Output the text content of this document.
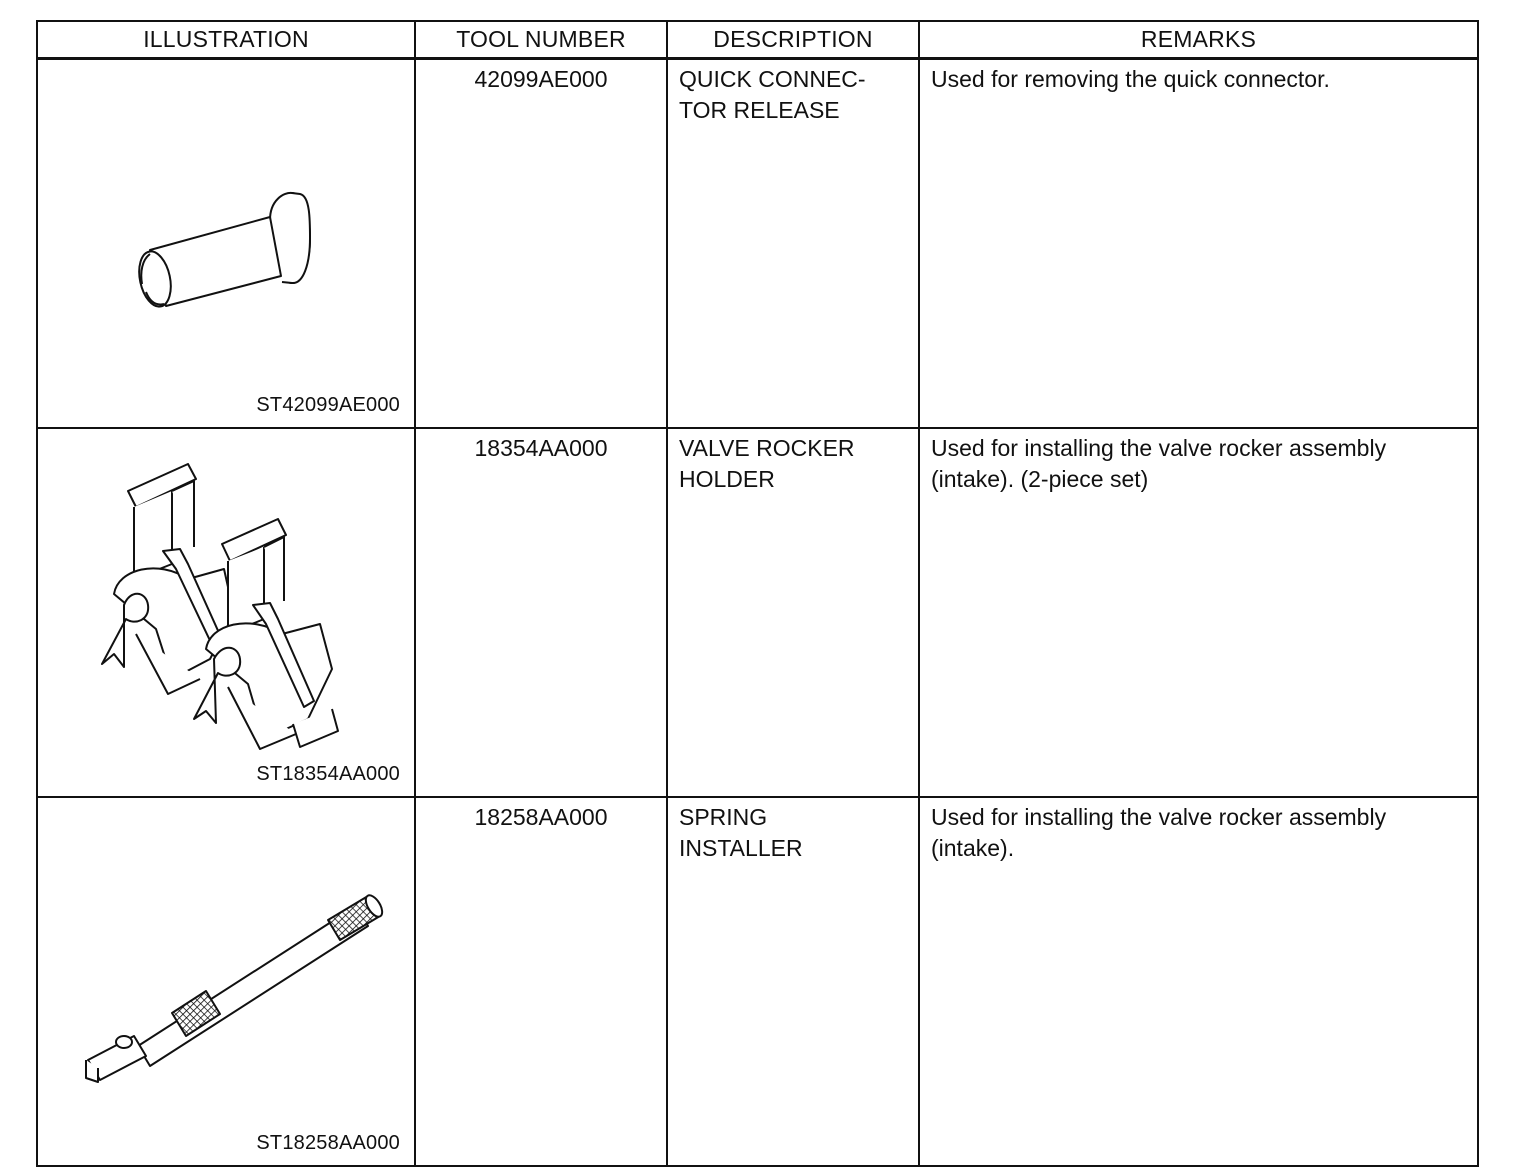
ILLUSTRATION	TOOL NUMBER	DESCRIPTION	REMARKS

ST42099AE000	42099AE000	QUICK CONNEC-
TOR RELEASE	Used for removing the quick connector.

ST18354AA000	18354AA000	VALVE ROCKER
HOLDER	Used for installing the valve rocker assembly (intake). (2-piece set)

ST18258AA000	18258AA000	SPRING
INSTALLER	Used for installing the valve rocker assembly (intake).
